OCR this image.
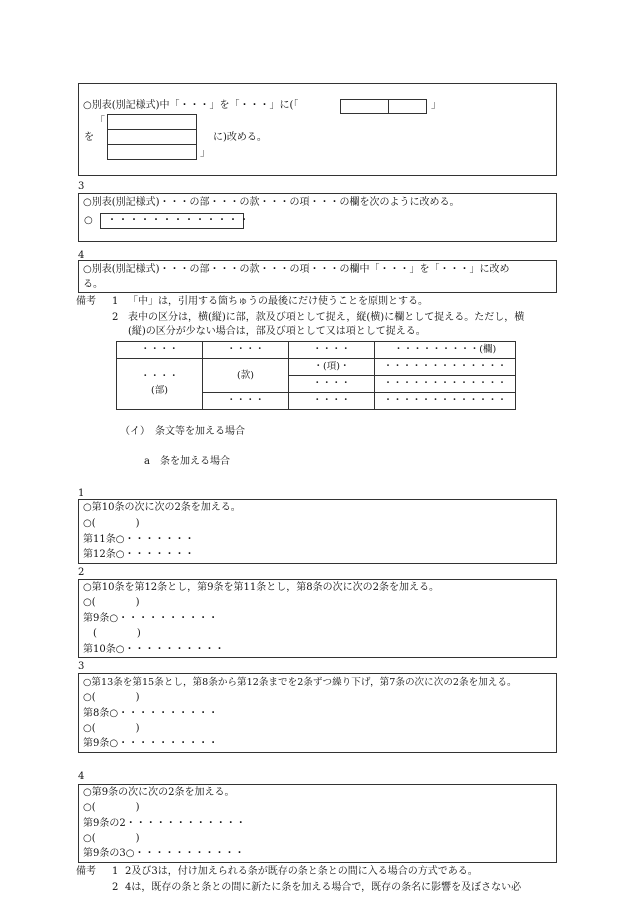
○別表(別記様式)中「・・・」を「・・・」に(「	」
「
を	に)改める。
」
3
○別表(別記様式)・・・の部・・・の款・・・の項・・・の欄を次のように改める。
○ ・・・・・・・・・・・・・
4
○別表(別記様式)・・・の部・・・の款・・・の項・・・の欄中「・・・」を「・・・」に改め
る。
備考 1 「中」は，引用する箇ちゅうの最後にだけ使うことを原則とする。
2 表中の区分は，横(縦)に部，款及び項として捉え，縦(横)に欄として捉える。ただし，横
(縦)の区分が少ない場合は，部及び項として又は項として捉える。
・・・・	・・・・	・・・・	・・・・・・・・・(欄)
・・・・
(部)	(款)	・(項)・	・・・・・・・・・・・・・
		・・・・	・・・・・・・・・・・・・
	・・・・	・・・・	・・・・・・・・・・・・・
（イ）　条文等を加える場合
a　条を加える場合
1
○第10条の次に次の2条を加える。
○(　　　　)
第11条○・・・・・・・
第12条○・・・・・・・
2
○第10条を第12条とし，第9条を第11条とし，第8条の次に次の2条を加える。
○(　　　　)
第9条○・・・・・・・・・・
(　　　　)
第10条○・・・・・・・・・・
3
○第13条を第15条とし，第8条から第12条までを2条ずつ繰り下げ，第7条の次に次の2条を加える。
○(　　　　)
第8条○・・・・・・・・・・
○(　　　　)
第9条○・・・・・・・・・・
4
○第9条の次に次の2条を加える。
○(　　　　)
第9条の2・・・・・・・・・・・・
○(　　　　)
第9条の3○・・・・・・・・・・・
備考 1 2及び3は，付け加えられる条が既存の条と条との間に入る場合の方式である。
2 4は，既存の条と条との間に新たに条を加える場合で，既存の条名に影響を及ぼさない必
